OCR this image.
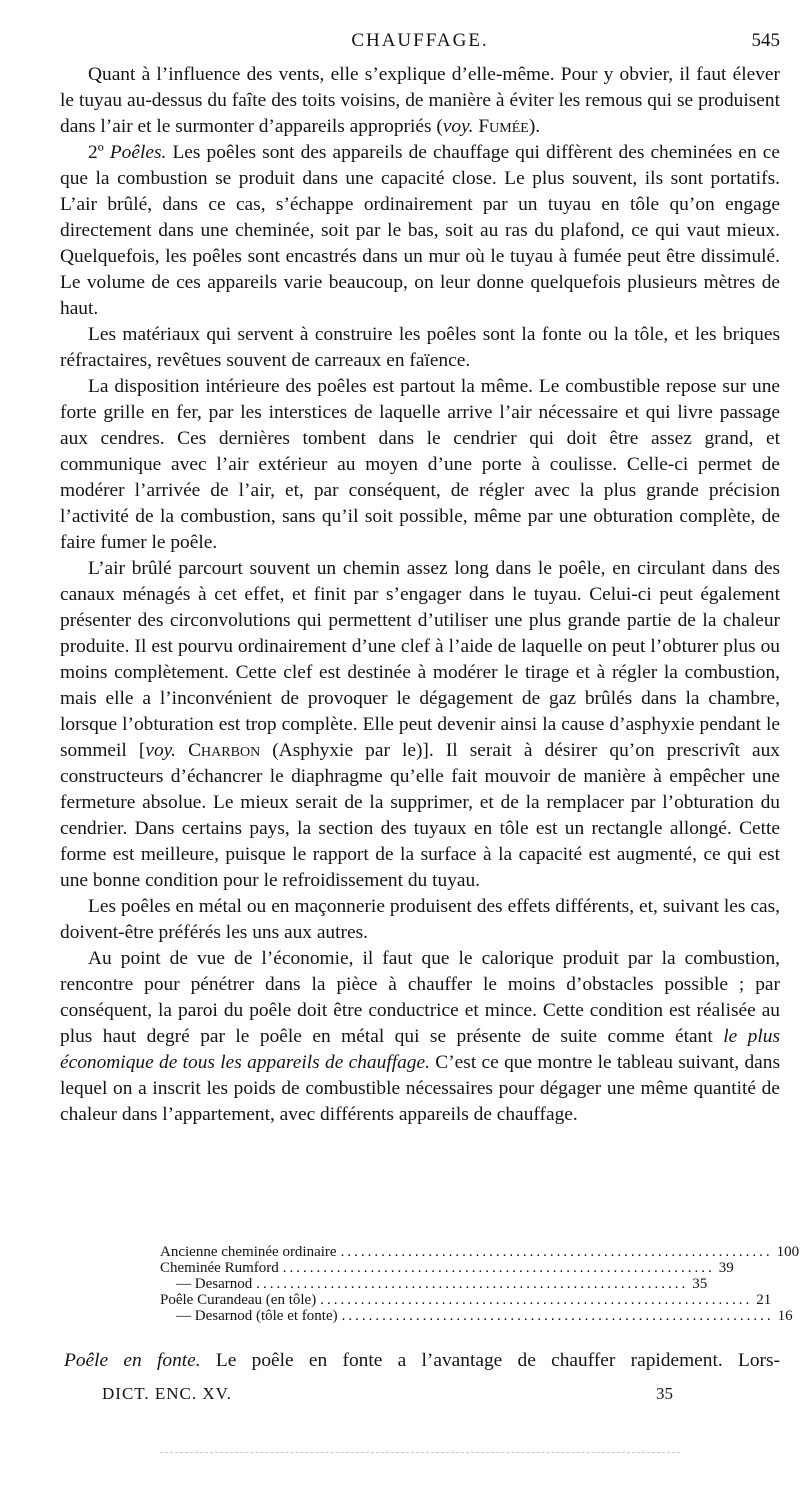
CHAUFFAGE.	545

Quant à l’influence des vents, elle s’explique d’elle-même. Pour y obvier, il faut élever le tuyau au-dessus du faîte des toits voisins, de manière à éviter les remous qui se produisent dans l’air et le surmonter d’appareils appropriés (voy. Fumée).

2º Poêles. Les poêles sont des appareils de chauffage qui diffèrent des cheminées en ce que la combustion se produit dans une capacité close. Le plus souvent, ils sont portatifs. L’air brûlé, dans ce cas, s’échappe ordinairement par un tuyau en tôle qu’on engage directement dans une cheminée, soit par le bas, soit au ras du plafond, ce qui vaut mieux. Quelquefois, les poêles sont encastrés dans un mur où le tuyau à fumée peut être dissimulé. Le volume de ces appareils varie beaucoup, on leur donne quelquefois plusieurs mètres de haut.

Les matériaux qui servent à construire les poêles sont la fonte ou la tôle, et les briques réfractaires, revêtues souvent de carreaux en faïence.

La disposition intérieure des poêles est partout la même. Le combustible repose sur une forte grille en fer, par les interstices de laquelle arrive l’air nécessaire et qui livre passage aux cendres. Ces dernières tombent dans le cendrier qui doit être assez grand, et communique avec l’air extérieur au moyen d’une porte à coulisse. Celle-ci permet de modérer l’arrivée de l’air, et, par conséquent, de régler avec la plus grande précision l’activité de la combustion, sans qu’il soit possible, même par une obturation complète, de faire fumer le poêle.

L’air brûlé parcourt souvent un chemin assez long dans le poêle, en circulant dans des canaux ménagés à cet effet, et finit par s’engager dans le tuyau. Celui-ci peut également présenter des circonvolutions qui permettent d’utiliser une plus grande partie de la chaleur produite. Il est pourvu ordinairement d’une clef à l’aide de laquelle on peut l’obturer plus ou moins complètement. Cette clef est destinée à modérer le tirage et à régler la combustion, mais elle a l’inconvénient de provoquer le dégagement de gaz brûlés dans la chambre, lorsque l’obturation est trop complète. Elle peut devenir ainsi la cause d’asphyxie pendant le sommeil [voy. Charbon (Asphyxie par le)]. Il serait à désirer qu’on prescrivît aux constructeurs d’échancrer le diaphragme qu’elle fait mouvoir de manière à empêcher une fermeture absolue. Le mieux serait de la supprimer, et de la remplacer par l’obturation du cendrier. Dans certains pays, la section des tuyaux en tôle est un rectangle allongé. Cette forme est meilleure, puisque le rapport de la surface à la capacité est augmenté, ce qui est une bonne condition pour le refroidissement du tuyau.

Les poêles en métal ou en maçonnerie produisent des effets différents, et, suivant les cas, doivent-être préférés les uns aux autres.

Au point de vue de l’économie, il faut que le calorique produit par la combustion, rencontre pour pénétrer dans la pièce à chauffer le moins d’obstacles possible ; par conséquent, la paroi du poêle doit être conductrice et mince. Cette condition est réalisée au plus haut degré par le poêle en métal qui se présente de suite comme étant le plus économique de tous les appareils de chauffage. C’est ce que montre le tableau suivant, dans lequel on a inscrit les poids de combustible nécessaires pour dégager une même quantité de chaleur dans l’appartement, avec différents appareils de chauffage.

Ancienne cheminée ordinaire ................................................................ 100
Cheminée Rumford ................................................................ 39
— Desarnod ................................................................ 35
Poêle Curandeau (en tôle) ................................................................ 21
— Desarnod (tôle et fonte) ................................................................ 16
Poêle en fonte. Le poêle en fonte a l’avantage de chauffer rapidement. Lors-
DICT. ENC. XV.	35
